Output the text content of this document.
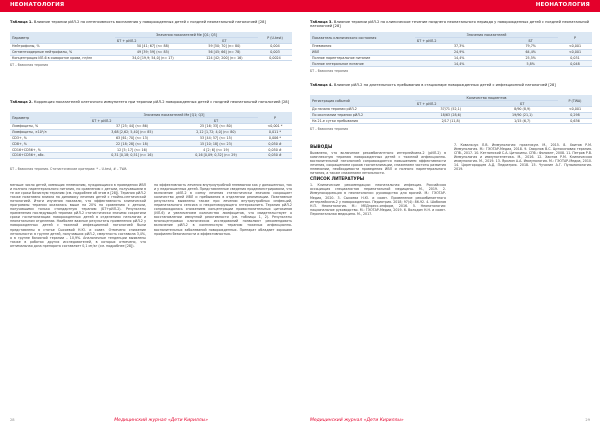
НЕОНАТОЛОГИЯ
Таблица 1. Влияние терапии рИЛ-2 на интенсивность воспаления у новорожденных детей с поздней неонатальной патологией [28]
Параметр	Значения показателей Me [Q1; Q3]		P (U-test)
	БТ + рИЛ-2	БТ	
Нейтрофилы, %	50 [41; 67] (n= 88)	59 [50; 70] (n= 80)	0,004
Сегментоядерные нейтрофилы, %	49 [39; 59] (n= 85)	56 [45; 66] (n= 78)	0,003
Концентрация ИЛ-6 в сыворотке крови, пг/мл	34,0 [19,9; 54,0] (n= 17)	124 [42; 200] (n= 16)	0,0024
БТ – базисная терапия
Таблица 2. Коррекция показателей клеточного иммунитета при терапии рИЛ-2 новорожденных детей с поздней неонатальной патологией [28]
Параметр	Значения показателей Me [Q1; Q3]		P
	БТ + рИЛ-2	БТ	
Лимфоциты, %	37 [25; 44] (n= 86)	25 [16; 33] (n= 80)	<0,001 *
Лимфоциты, ×10⁹/л	3,68 [2,62; 5,40] (n= 85)	2,12 [1,72; 4,0] (n= 80)	0,011 *
CD3+, %	63 [61; 70] (n= 13)	53 [44; 57] (n= 15)	0,006 *
CD8+, %	22 [18; 28] (n= 18)	15 [10; 18] (n= 23)	0,050 #
CD16+CD56+, %	12 [5; 17] (n= 16)	4 [2; 6] (n= 19)	0,050 #
CD16+CD56+, абс.	0,31 [0,18; 0,51] (n= 16)	0,16 [0,09; 0,32] (n= 29)	0,050 #
БТ – базисная терапия. Статистические критерии: * – U-test, # – TWA

меньше число детей, имеющих пневмонию, нуждающихся в проведении ИВЛ и полного парентерального питания, по сравнению с детьми, получавшими в те же сроки базисную терапию (см. подробнее об этом в [28]). Терапия рИЛ-2 также позитивно влияла на динамику лечения детей с гнойно-септической патологией. Итоги изучения показали, что эффективность клинической программы терапии оказалась выше на 20% по сравнению с детьми, получавшими только стандартную терапию (БТ+рИЛ-2). Результаты применения последующей терапии рИЛ-2 статистически значимо сократили сроки госпитализации новорожденных детей в отделениях патологии и неонатальном отделении. Наиболее важные результаты применения рИЛ-2 у новорожденных детей с тяжелой инфекционной патологией были представлены в статье Сысоевой Н.Ю. и соавт. Отмечено снижение летальности: в группе детей, получавших рИЛ-2, смертность составила 3,4%, а в группе базисной терапии – 10,9%. Аналогичные тенденции выявлены также в работах других исследователей, в которых отмечено, что оптимальная доза препарата составляет 0,1 мг/кг (см. подробнее [28]).

по эффективность лечения внутриутробной пневмонии как у доношенных, так и у недоношенных детей. Представленные сведения продемонстрировали, что включение рИЛ-2 в схему лечения статистически значимо сокращает количество дней ИВЛ и пребывания в отделении реанимации. Позитивные результаты выявлены также при лечении внутриутробных инфекций, перинатального сепсиса и некротизирующего энтероколита. Терапия рИЛ-2 сопровождалась снижением концентрации провоспалительных цитокинов (ИЛ-6) и увеличением количества лимфоцитов, что свидетельствует о восстановлении иммунной реактивности (см. таблицы 1, 2). Результаты многоцентровых клинических исследований позволяют рекомендовать включение рИЛ-2 в комплексную терапию тяжелых инфекционно-воспалительных заболеваний новорожденных. Препарат обладает хорошим профилем безопасности и эффективностью.

28	Медицинский журнал «Дети Кириллы»
НЕОНАТОЛОГИЯ
Таблица 3. Влияние терапии рИЛ-2 на клиническое течение позднего неонатального периода у новорожденных детей с поздней неонатальной патологией [28]
Показатель клинического состояния	Значения показателей		P
	БТ + рИЛ-2	БТ	
Пневмония	37,3%	79,7%	<0,001
ИВЛ	24,9%	64,4%	<0,001
Полное парентеральное питание	14,4%	25,5%	0,031
Полное энтеральное питание	14,4%	5,8%	0,048
БТ – базисная терапия
Таблица 4. Влияние рИЛ-2 на длительность пребывания в стационаре новорожденных детей с инфекционной патологией [28]
Регистрация событий	Количество пациентов		P (TWA)
	БТ + рИЛ-2	БТ	
До начала терапии рИЛ-2	37/71 (52,1)	8/90 (8,9)	<0,001
По окончании терапии рИЛ-2	18/63 (28,6)	19/90 (21,1)	0,298
На 21-е сутки пребывания	2/17 (11,8)	1/15 (6,7)	0,636
БТ – базисная терапия
ВЫВОДЫ

Выявлено, что включение рекомбинантного интерлейкина-2 (рИЛ-2) в комплексную терапию новорожденных детей с тяжелой инфекционно-воспалительной патологией сопровождается повышением эффективности лечения, сокращением сроков госпитализации, снижением частоты развития пневмонии, необходимости проведения ИВЛ и полного парентерального питания, а также снижением летальности.

СПИСОК ЛИТЕРАТУРЫ

1. Клинические рекомендации: неонатальная инфекция. Российская ассоциация специалистов перинатальной медицины. М., 2019. 2. Иммунокоррекция в неонатологии: руководство для врачей. М.: ГЭОТАР-Медиа, 2020. 3. Сысоева Н.Ю. и соавт. Применение рекомбинантного интерлейкина-2 у новорожденных. Педиатрия. 2018; 97(4): 86-92. 4. Шабалов Н.П. Неонатология. М.: МЕДпресс-информ, 2016. 5. Неонатология: национальное руководство. М.: ГЭОТАР-Медиа, 2019. 6. Володин Н.Н. и соавт. Перинатальная медицина. М., 2017.

7. Ковальчук Л.В. Иммунология: практикум. М., 2015. 8. Хаитов Р.М. Иммунология. М.: ГЭОТАР-Медиа, 2018. 9. Смирнов В.С. Цитокиновая терапия. СПб., 2017. 10. Кетлинский С.А. Цитокины. СПб.: Фолиант, 2008. 11. Петров Р.В. Иммунология и иммуногенетика. М., 2016. 12. Хаитов Р.М. Клиническая иммунология. М., 2019. 13. Ярилин А.А. Иммунология. М.: ГЭОТАР-Медиа, 2010. 14. Царегородцев А.Д. Педиатрия. 2018. 15. Чучалин А.Г. Пульмонология. 2019.

Медицинский журнал «Дети Кириллы»	29
